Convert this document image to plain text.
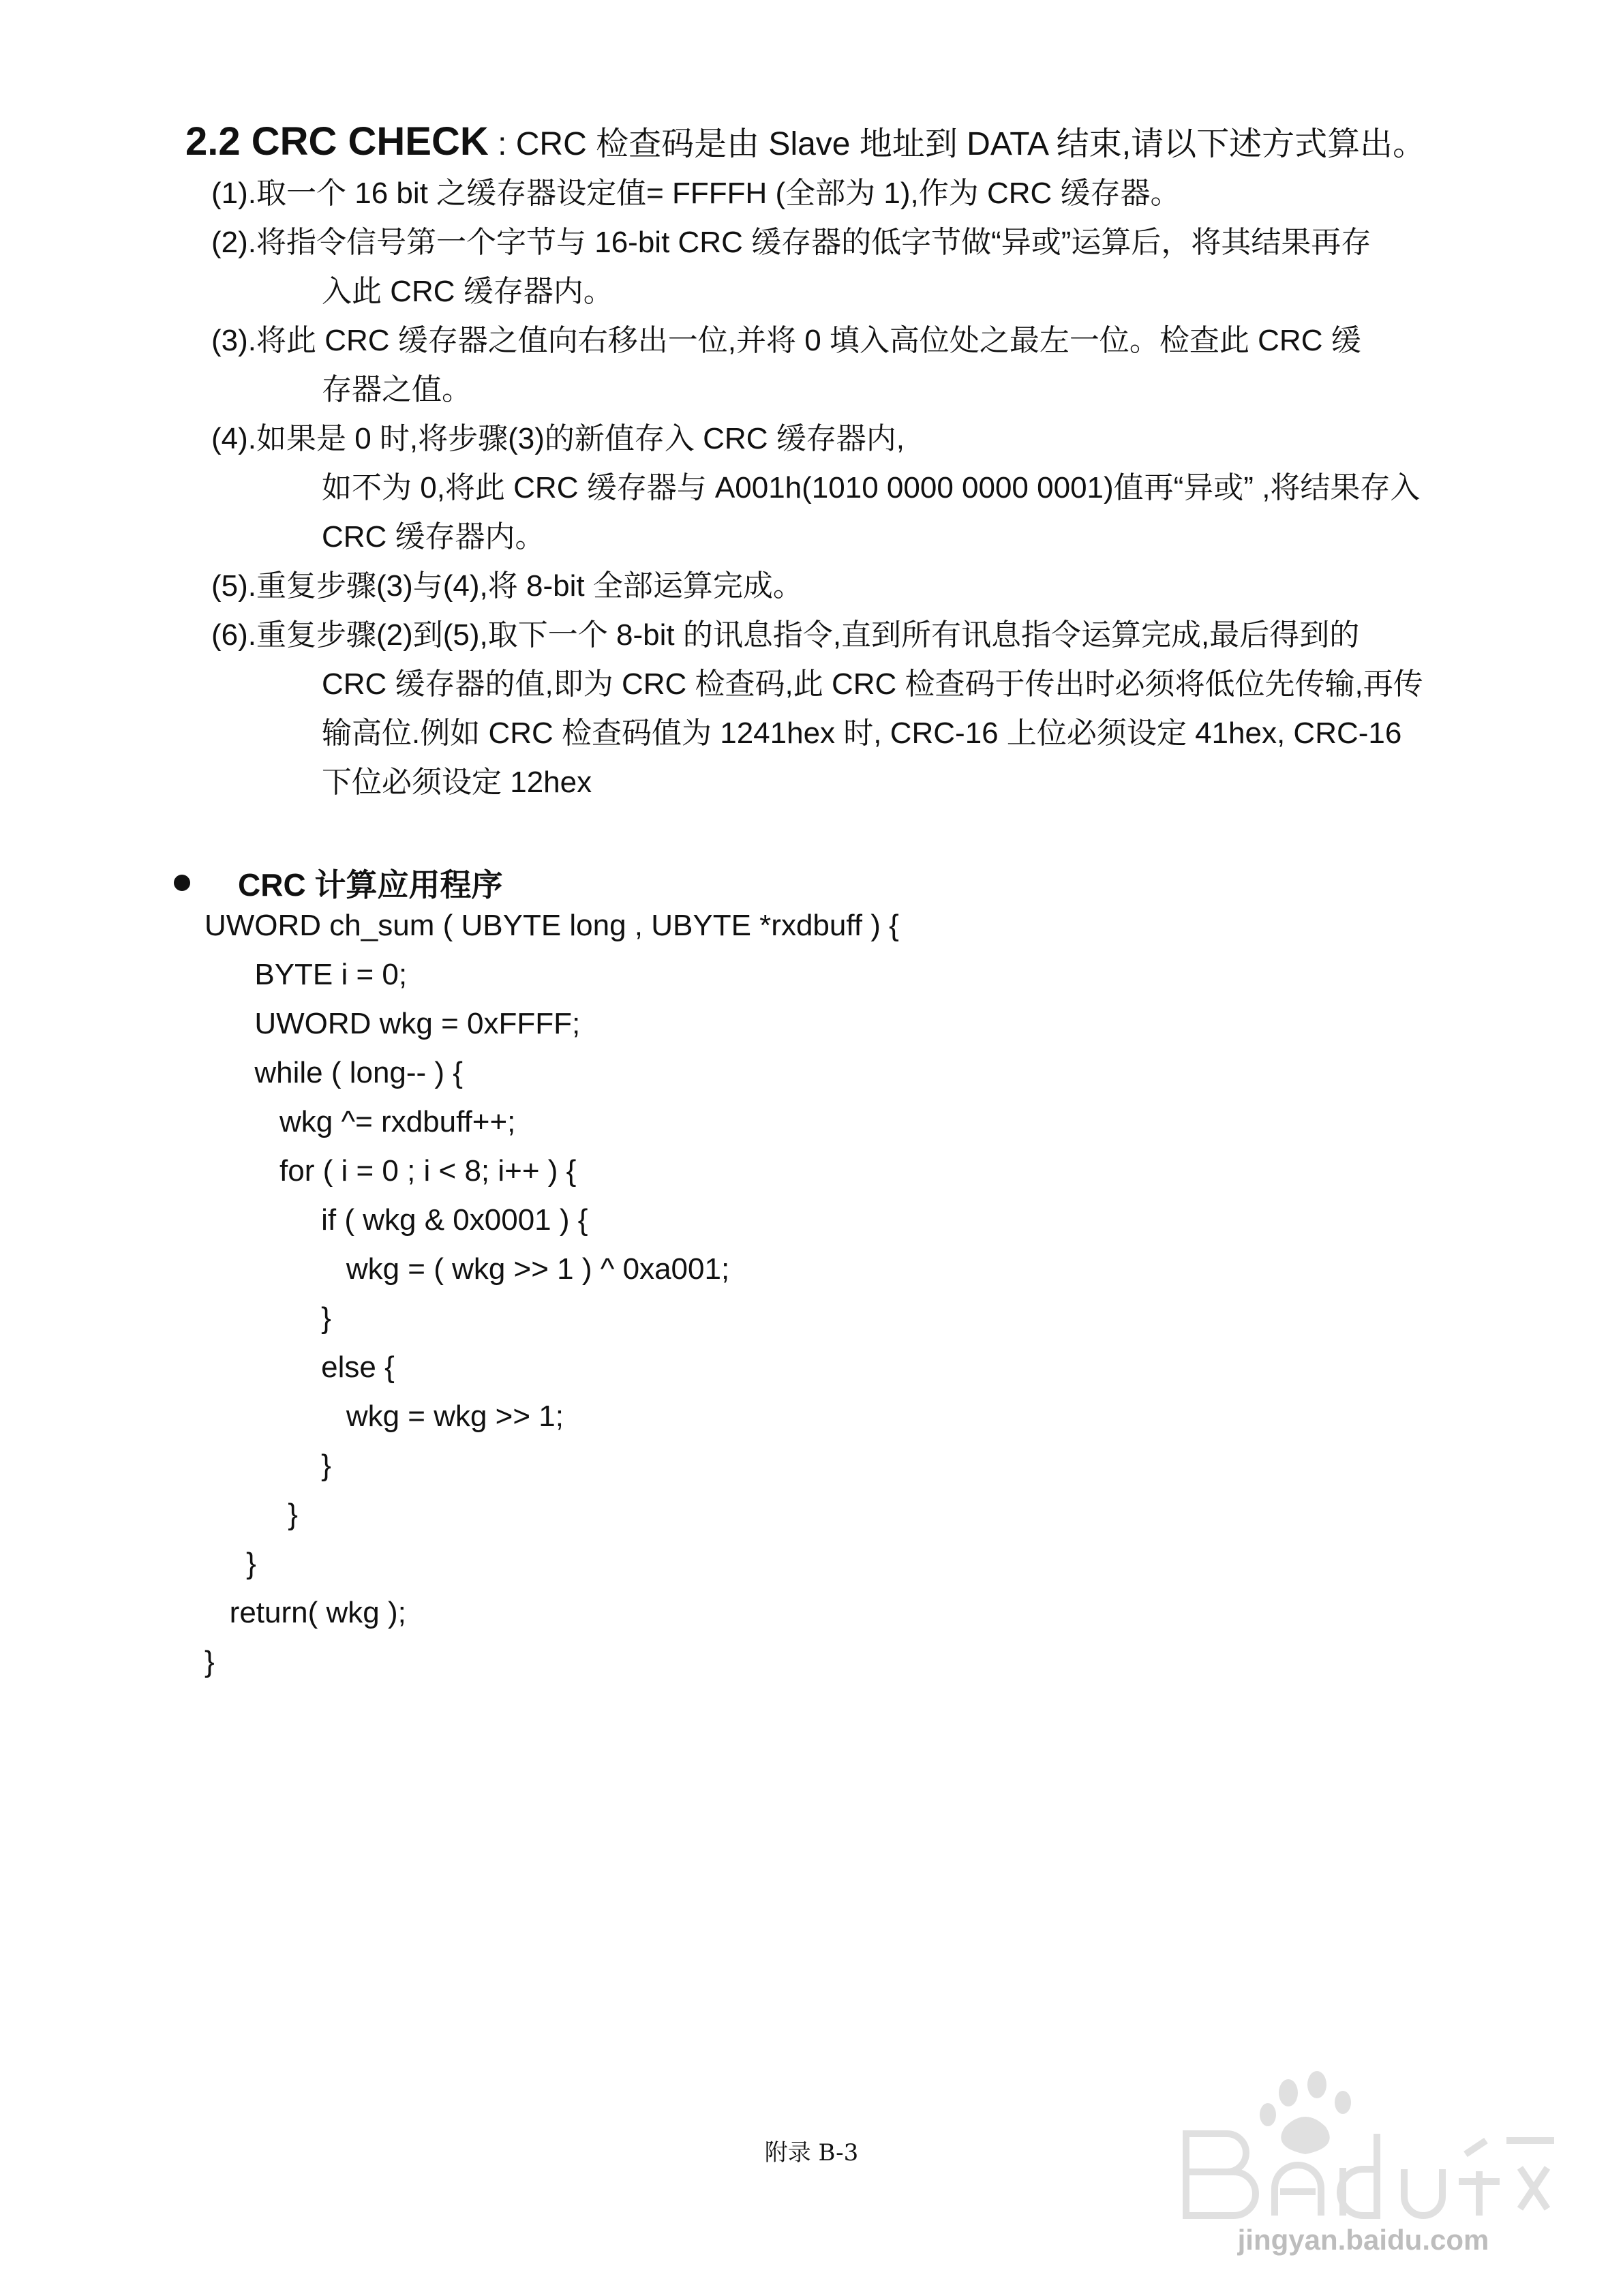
2.2 CRC CHECK : CRC 检查码是由 Slave 地址到 DATA 结束,请以下述方式算出。
(1). 取一个 16 bit 之缓存器设定值= FFFFH (全部为 1),作为 CRC 缓存器。
(2). 将指令信号第一个字节与 16-bit CRC 缓存器的低字节做“异或”运算后，将其结果再存
入此 CRC 缓存器内。
(3). 将此 CRC 缓存器之值向右移出一位,并将 0 填入高位处之最左一位。检查此 CRC 缓
存器之值。
(4). 如果是 0 时,将步骤(3)的新值存入 CRC 缓存器内,
如不为 0,将此 CRC 缓存器与 A001h(1010 0000 0000 0001)值再“异或” ,将结果存入
CRC 缓存器内。
(5). 重复步骤(3)与(4),将 8-bit 全部运算完成。
(6). 重复步骤(2)到(5),取下一个 8-bit 的讯息指令,直到所有讯息指令运算完成,最后得到的
CRC 缓存器的值,即为 CRC 检查码,此 CRC 检查码于传出时必须将低位先传输,再传
输高位.例如 CRC 检查码值为 1241hex 时, CRC-16 上位必须设定 41hex, CRC-16
下位必须设定 12hex
CRC 计算应用程序
UWORD ch_sum ( UBYTE long , UBYTE *rxdbuff ) {
BYTE i = 0;
UWORD wkg = 0xFFFF;
while ( long-- ) {
wkg ^= rxdbuff++;
for ( i = 0 ; i < 8; i++ ) {
if ( wkg & 0x0001 ) {
wkg = ( wkg >> 1 ) ^ 0xa001;
}
else {
wkg = wkg >> 1;
}
}
}
return( wkg );
}
附录 B-3
jingyan.baidu.com
